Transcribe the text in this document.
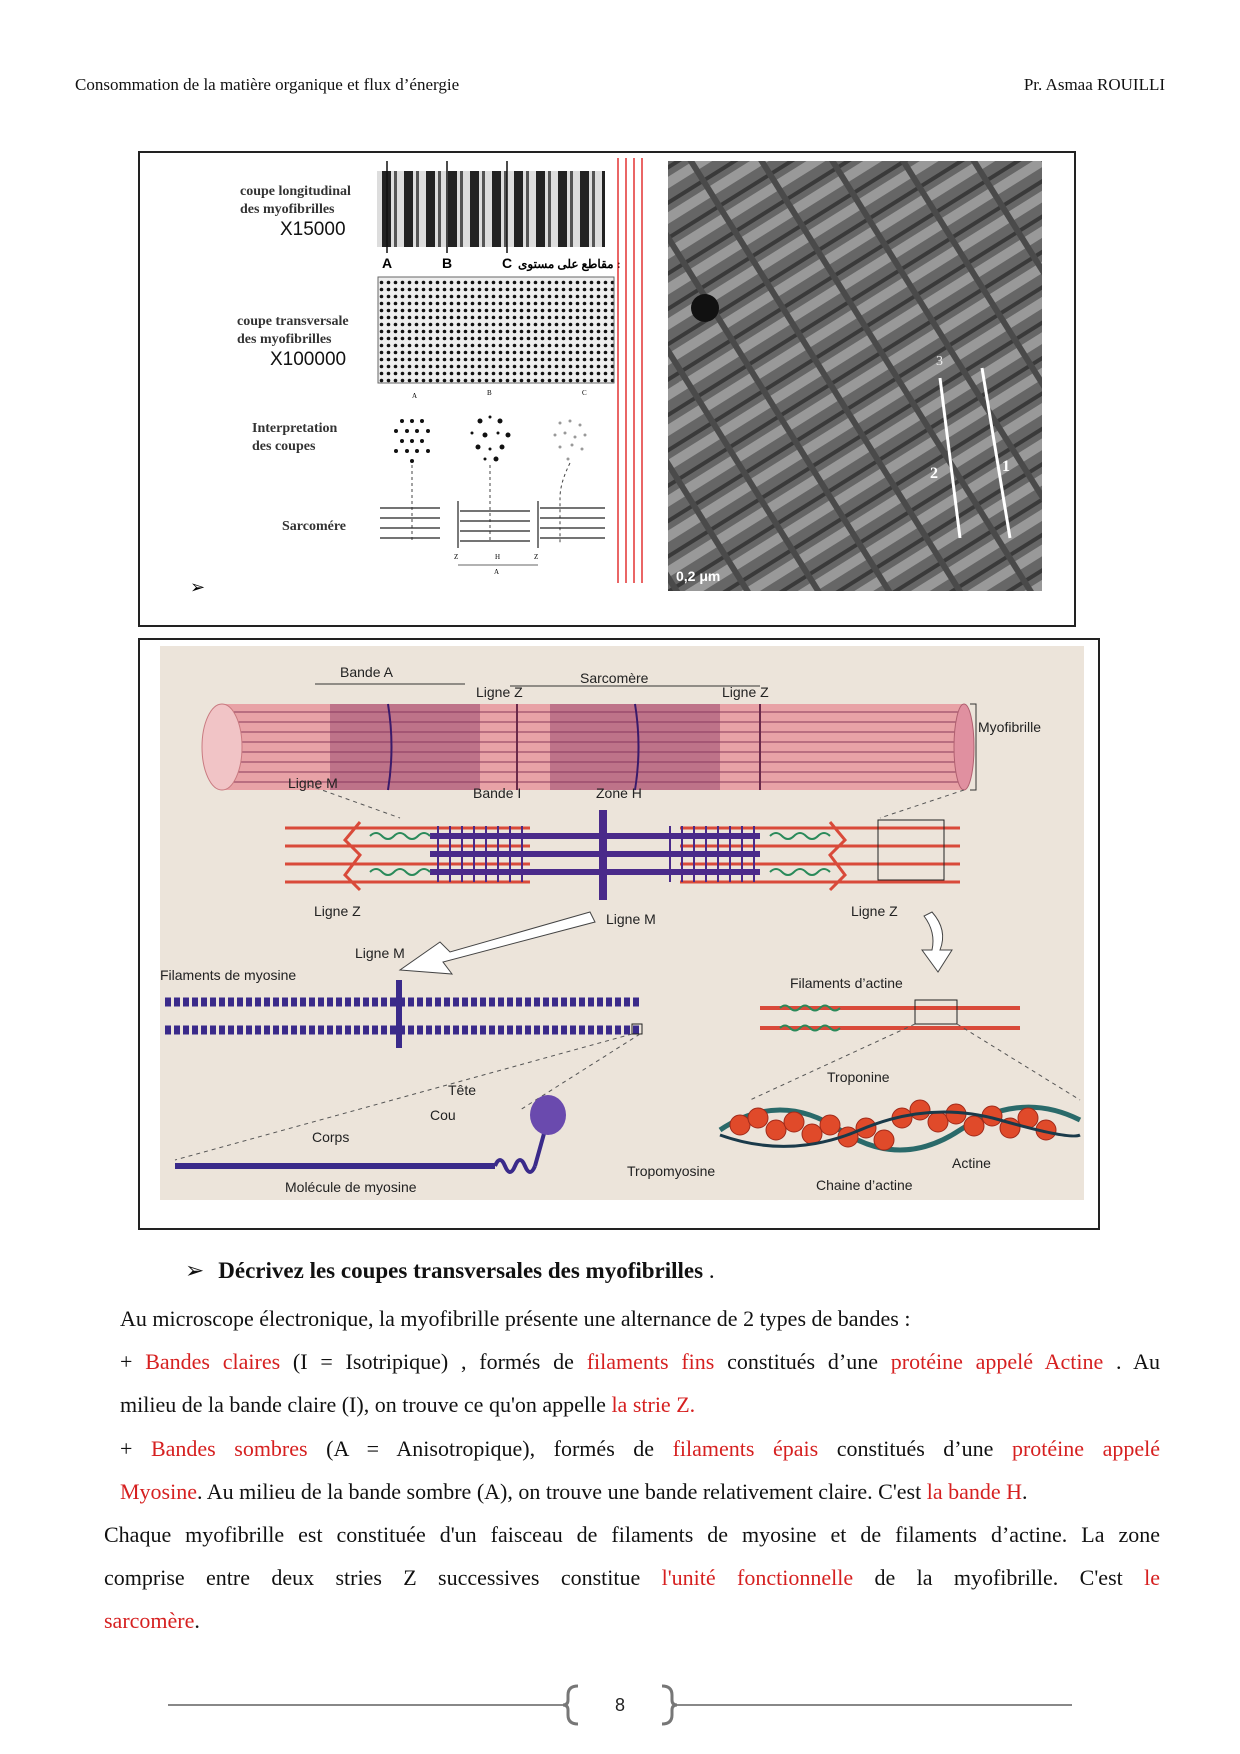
Consommation de la matière organique et flux d’énergie	Pr. Asmaa ROUILLI
coupe longitudinal
des myofibrilles
X15000
coupe transversale
des myofibrilles
X100000
Interpretation
des coupes
Sarcomére
A	B	C مقاطع على مستوى :
A	B	C
Z	H	Z
A
➢
2	1
3
0,2 μm
Bande A	Sarcomère
Ligne Z	Ligne Z
Myofibrille
Ligne M
Bande I	Zone H
Ligne Z	Ligne M	Ligne Z
Ligne M
Filaments de myosine	Filaments d’actine
Tête
Cou
Corps
Molécule de myosine
Troponine
Tropomyosine
Chaine d’actine
Actine
➢ Décrivez les coupes transversales des myofibrilles .
Au microscope électronique, la myofibrille présente une alternance de 2 types de bandes :
+ Bandes claires (I = Isotripique) , formés de filaments fins constitués d’une protéine appelé Actine . Au
milieu de la bande claire (I), on trouve ce qu'on appelle la strie Z.
+ Bandes sombres (A = Anisotropique), formés de filaments épais constitués d’une protéine appelé
Myosine. Au milieu de la bande sombre (A), on trouve une bande relativement claire. C'est la bande H.
Chaque myofibrille est constituée d'un faisceau de filaments de myosine et de filaments d’actine. La zone
comprise entre deux stries Z successives constitue l'unité fonctionnelle de la myofibrille. C'est le
sarcomère.
8
